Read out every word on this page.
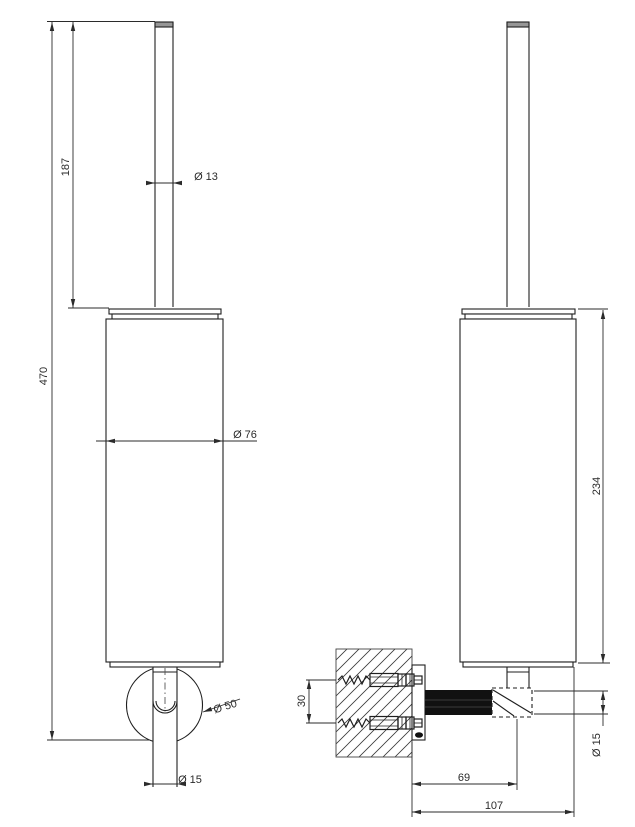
470
187
Ø 13
Ø 76
Ø 50
Ø 15
234
30
69
107
Ø 15
